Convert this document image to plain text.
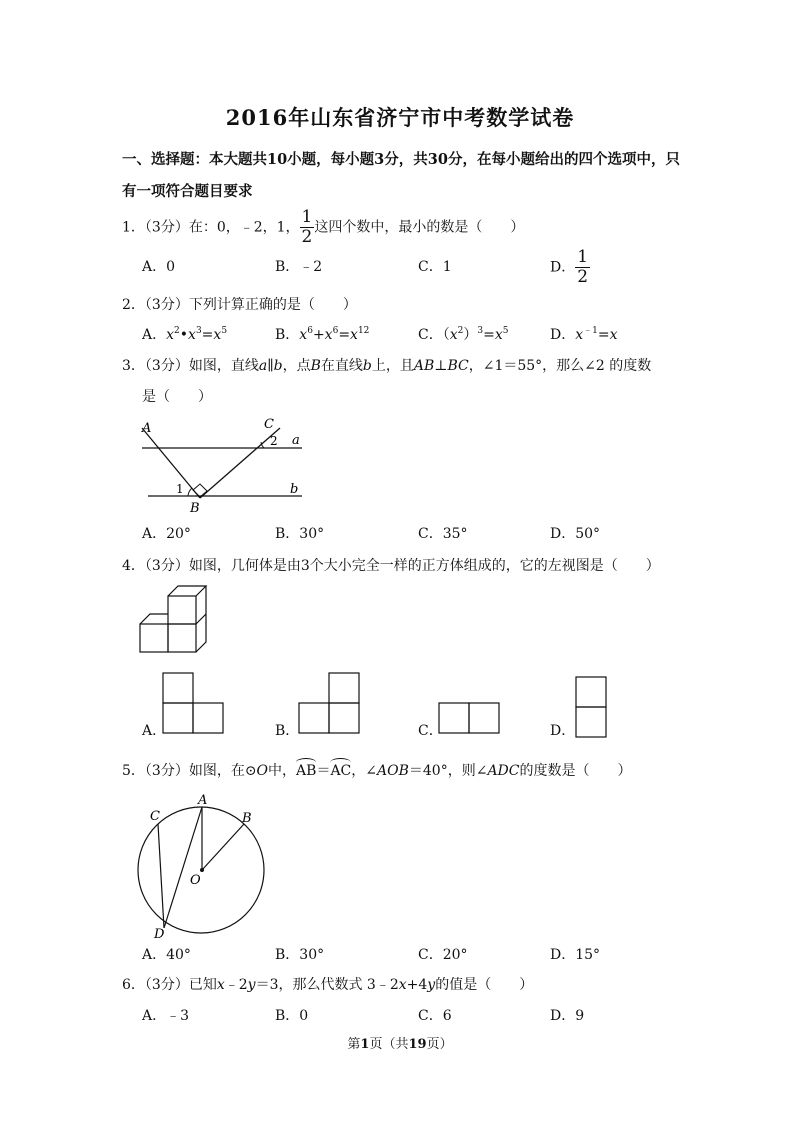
2016年山东省济宁市中考数学试卷
一、选择题：本大题共10小题，每小题3分，共30分，在每小题给出的四个选项中，只
有一项符合题目要求
1．（3分）在：0，﹣2，1， $\frac{1}{2}$ 这四个数中，最小的数是（　　）
A．0	B．﹣2	C．1	D． $\frac{1}{2}$
2．（3分）下列计算正确的是（　　）
A．$x^2•x^3=x^5$	B．$x^6+x^6=x^{12}$	C．$(x^2)^3=x^5$	D．$x^{﹣1}=x$
3．（3分）如图，直线a∥b，点B在直线b上，且AB⊥BC，∠1＝55°，那么∠2 的度数
是（　　）
A	C
2 a
1	b
B
A．20°	B．30°	C．35°	D．50°
4．（3分）如图，几何体是由3个大小完全一样的正方体组成的，它的左视图是（　　）
A．	B．	C．	D．
5．（3分）如图，在⊙O中，AB＝AC，∠AOB＝40°，则∠ADC的度数是（　　）
A
B
C
D
O
A．40°	B．30°	C．20°	D．15°
6．（3分）已知x﹣2y＝3，那么代数式 3﹣2x+4y的值是（　　）
A．﹣3	B．0	C．6	D．9
第1页（共19页）
